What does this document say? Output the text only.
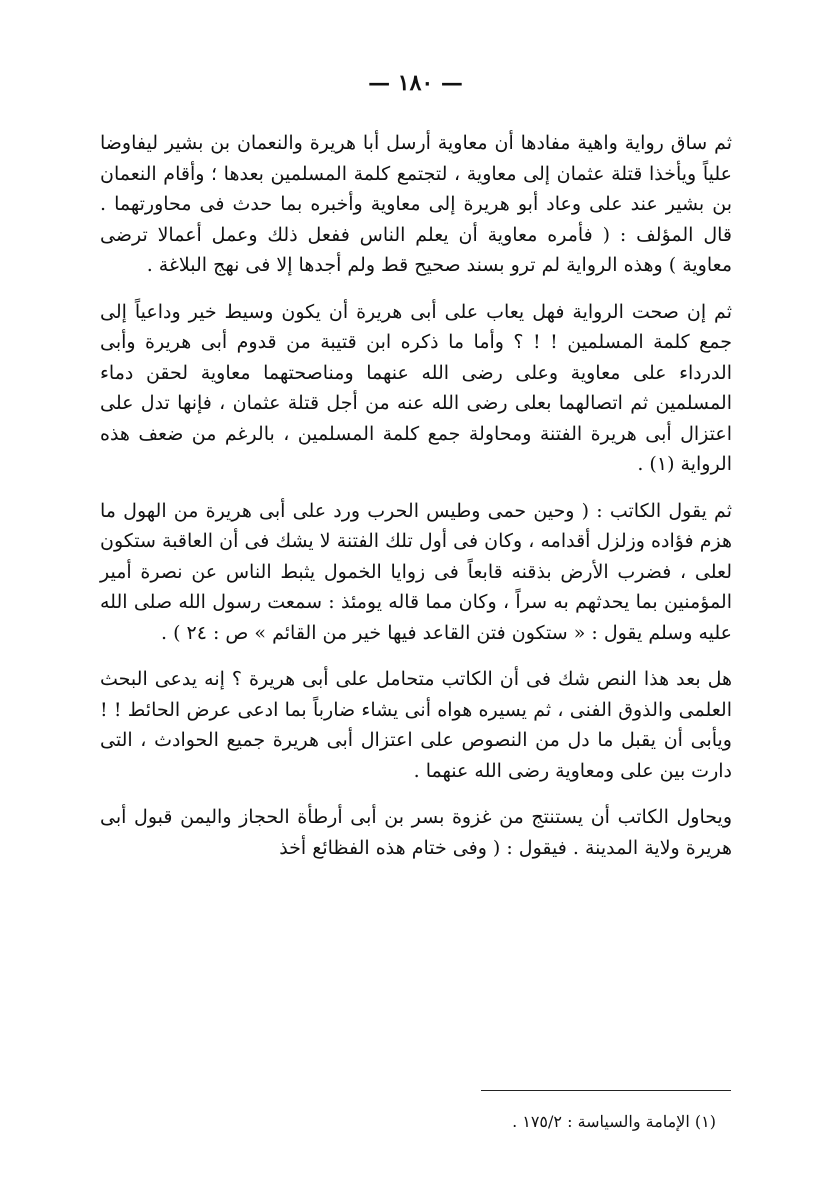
— ١٨٠ —

ثم ساق رواية واهية مفادها أن معاوية أرسل أبا هريرة والنعمان بن بشير ليفاوضا علياً ويأخذا قتلة عثمان إلى معاوية ، لتجتمع كلمة المسلمين بعدها ؛ وأقام النعمان بن بشير عند على وعاد أبو هريرة إلى معاوية وأخبره بما حدث فى محاورتهما . قال المؤلف : ( فأمره معاوية أن يعلم الناس ففعل ذلك وعمل أعمالا ترضى معاوية ) وهذه الرواية لم ترو بسند صحيح قط ولم أجدها إلا فى نهج البلاغة .

ثم إن صحت الرواية فهل يعاب على أبى هريرة أن يكون وسيط خير وداعياً إلى جمع كلمة المسلمين ! ! ؟ وأما ما ذكره ابن قتيبة من قدوم أبى هريرة وأبى الدرداء على معاوية وعلى رضى الله عنهما ومناصحتهما معاوية لحقن دماء المسلمين ثم اتصالهما بعلى رضى الله عنه من أجل قتلة عثمان ، فإنها تدل على اعتزال أبى هريرة الفتنة ومحاولة جمع كلمة المسلمين ، بالرغم من ضعف هذه الرواية (١) .

ثم يقول الكاتب : ( وحين حمى وطيس الحرب ورد على أبى هريرة من الهول ما هزم فؤاده وزلزل أقدامه ، وكان فى أول تلك الفتنة لا يشك فى أن العاقبة ستكون لعلى ، فضرب الأرض بذقنه قابعاً فى زوايا الخمول يثبط الناس عن نصرة أمير المؤمنين بما يحدثهم به سراً ، وكان مما قاله يومئذ : سمعت رسول الله صلى الله عليه وسلم يقول : « ستكون فتن القاعد فيها خير من القائم » ص : ٢٤ ) .

هل بعد هذا النص شك فى أن الكاتب متحامل على أبى هريرة ؟ إنه يدعى البحث العلمى والذوق الفنى ، ثم يسيره هواه أنى يشاء ضارباً بما ادعى عرض الحائط ! ! ويأبى أن يقبل ما دل من النصوص على اعتزال أبى هريرة جميع الحوادث ، التى دارت بين على ومعاوية رضى الله عنهما .

ويحاول الكاتب أن يستنتج من غزوة بسر بن أبى أرطأة الحجاز واليمن قبول أبى هريرة ولاية المدينة . فيقول : ( وفى ختام هذه الفظائع أخذ

(١) الإمامة والسياسة : ١٧٥/٢ .
